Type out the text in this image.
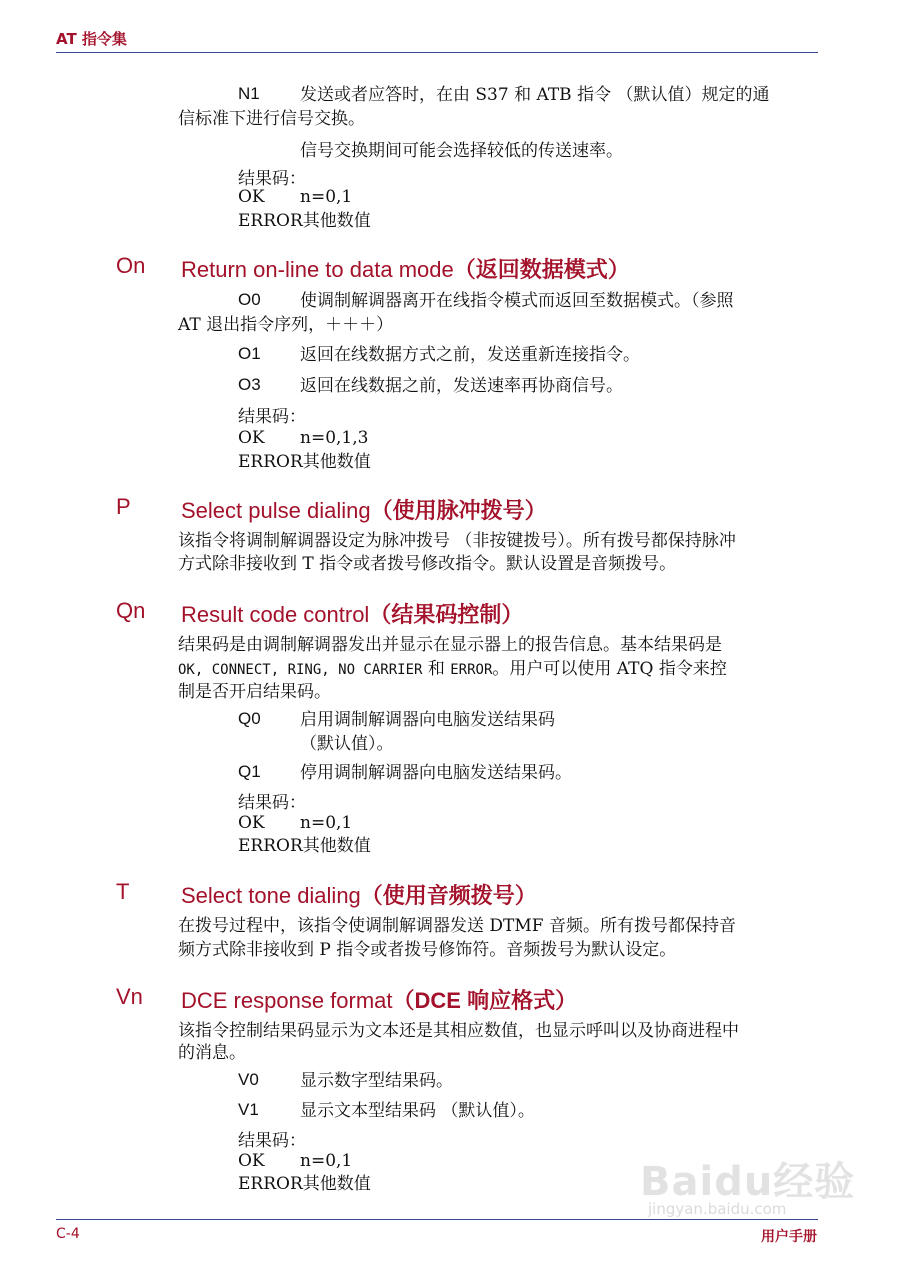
AT 指令集
N1 发送或者应答时，在由 S37 和 ATB 指令 （默认值）规定的通
信标准下进行信号交换。
信号交换期间可能会选择较低的传送速率。
结果码：
OK n=0,1
ERROR其他数值
On Return on-line to data mode（返回数据模式）
O0 使调制解调器离开在线指令模式而返回至数据模式。（参照
AT 退出指令序列，＋＋＋）
O1 返回在线数据方式之前，发送重新连接指令。
O3 返回在线数据之前，发送速率再协商信号。
结果码：
OK n=0,1,3
ERROR其他数值
P Select pulse dialing（使用脉冲拨号）
该指令将调制解调器设定为脉冲拨号 （非按键拨号）。所有拨号都保持脉冲
方式除非接收到 T 指令或者拨号修改指令。默认设置是音频拨号。
Qn Result code control（结果码控制）
结果码是由调制解调器发出并显示在显示器上的报告信息。基本结果码是
OK, CONNECT, RING, NO CARRIER 和 ERROR。用户可以使用 ATQ 指令来控
制是否开启结果码。
Q0 启用调制解调器向电脑发送结果码
（默认值）。
Q1 停用调制解调器向电脑发送结果码。
结果码：
OK n=0,1
ERROR其他数值
T Select tone dialing（使用音频拨号）
在拨号过程中，该指令使调制解调器发送 DTMF 音频。所有拨号都保持音
频方式除非接收到 P 指令或者拨号修饰符。音频拨号为默认设定。
Vn DCE response format（DCE 响应格式）
该指令控制结果码显示为文本还是其相应数值，也显示呼叫以及协商进程中
的消息。
V0 显示数字型结果码。
V1 显示文本型结果码 （默认值）。
结果码：
OK n=0,1
ERROR其他数值	Baidu经验
jingyan.baidu.com
C-4	用户手册
